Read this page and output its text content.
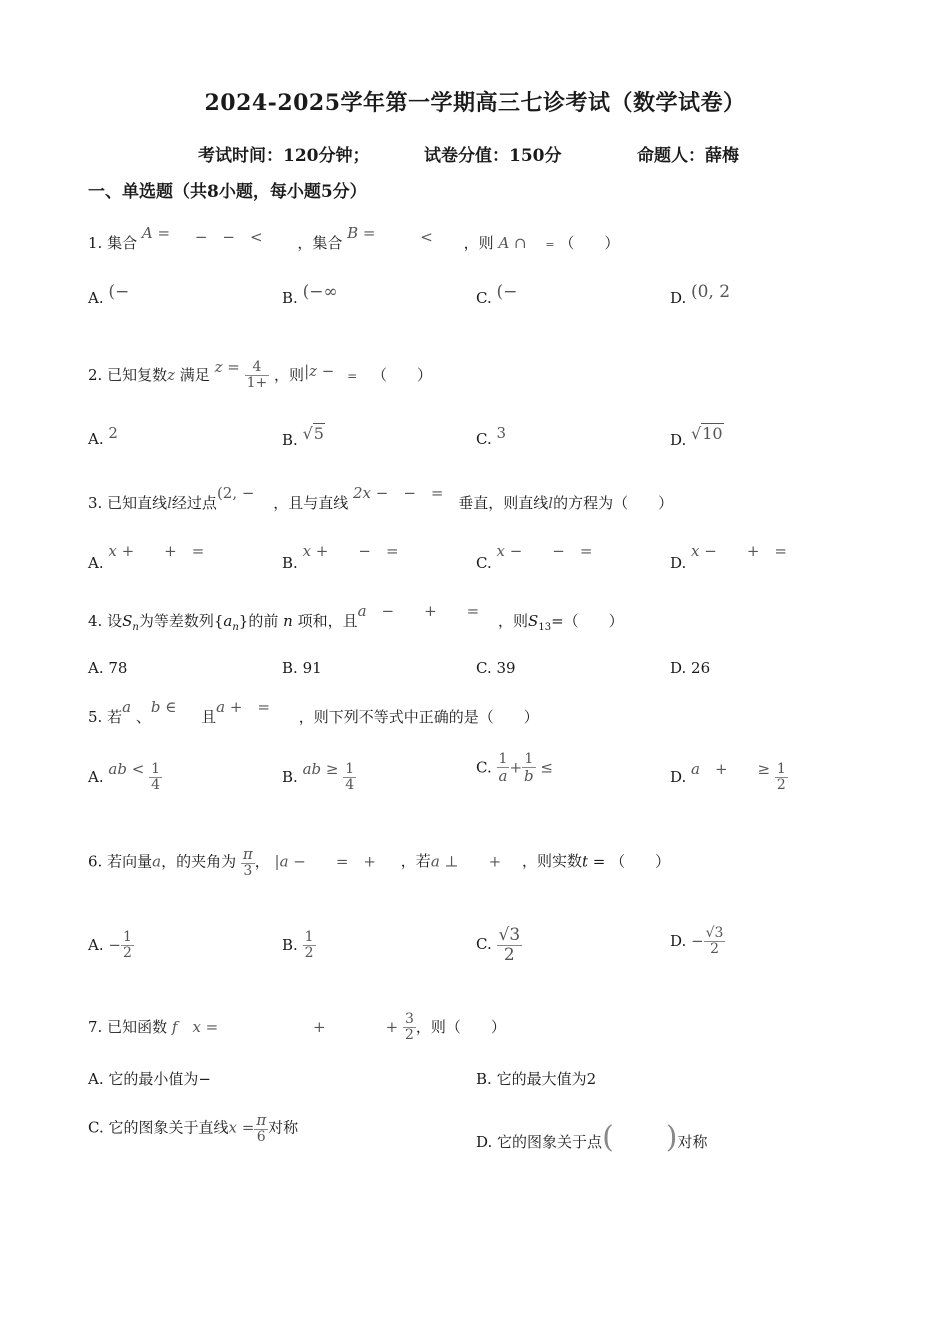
2024-2025学年第一学期高三七诊考试（数学试卷）
考试时间：120分钟；	试卷分值：150分	命题人：薛梅
一、单选题（共8小题，每小题5分）
1. 集合 A = −　−　< ，集合 B =	< ，则 A ∩ = （　　）
A. (−	B. (−∞	C. (−	D. (0, 2
2. 已知复数z 满足 $z = \frac{4}{1+}$ ，则|z − = （　　）
A. 2	B. √5	C. 3	D. √10
3. 已知直线l经过点(2, − ，且与直线 2x −　−　= 垂直，则直线l的方程为（　　）
A. x +　　+　=
B. x +　　−　=
C. x −　　−　=
D. x −　　+　=
4. 设$S_n$为等差数列$\{a_n\}$的前 n 项和，且a　−　　+　　= ，则$S_{13}=$（　　）
A. 78	B. 91	C. 39	D. 26
5. 若a 、b ∈ 且a +　= ，则下列不等式中正确的是（　　）
A. ab < $\frac{1}{4}$	B. ab ≥ $\frac{1}{4}$	C. $\frac{1}{a} + \frac{1}{b}$ ≤
D. a　+　　≥ $\frac{1}{2}$
6. 若向量a，的夹角为 $\frac{\pi}{3}$ ， |a −　　=　+ ，若a ⊥　　+ ，则实数t = （　　）
A. − $\frac{1}{2}$	B. $\frac{1}{2}$	C. $\frac{√3}{2}$	D. − $\frac{√3}{2}$
7. 已知函数 f　x =	+　　　　+ $\frac{3}{2}$ ，则（　　）
A. 它的最小值为−	B. 它的最大值为2
C. 它的图象关于直线$x = \frac{\pi}{6}$ 对称
D. 它的图象关于点( )对称
